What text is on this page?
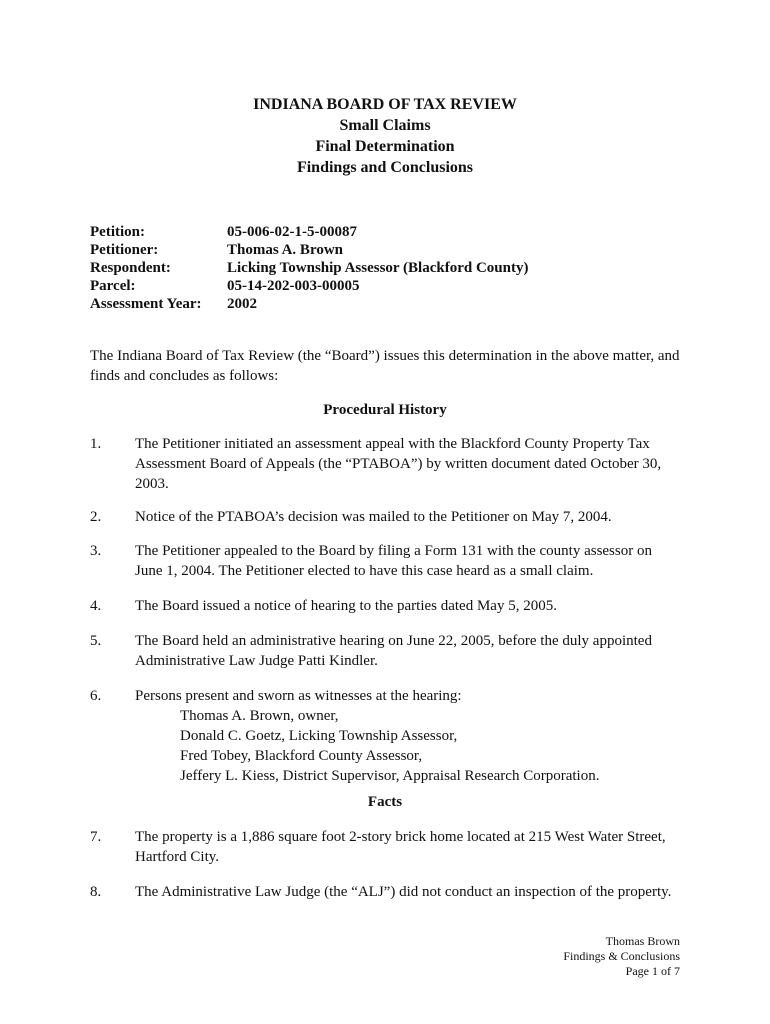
INDIANA BOARD OF TAX REVIEW
Small Claims
Final Determination
Findings and Conclusions
Petition:	05-006-02-1-5-00087
Petitioner:	Thomas A. Brown
Respondent:	Licking Township Assessor (Blackford County)
Parcel:	05-14-202-003-00005
Assessment Year:	2002
The Indiana Board of Tax Review (the “Board”) issues this determination in the above matter, and finds and concludes as follows:
Procedural History
1.	The Petitioner initiated an assessment appeal with the Blackford County Property Tax Assessment Board of Appeals (the “PTABOA”) by written document dated October 30, 2003.
2.	Notice of the PTABOA’s decision was mailed to the Petitioner on May 7, 2004.
3.	The Petitioner appealed to the Board by filing a Form 131 with the county assessor on June 1, 2004. The Petitioner elected to have this case heard as a small claim.
4.	The Board issued a notice of hearing to the parties dated May 5, 2005.
5.	The Board held an administrative hearing on June 22, 2005, before the duly appointed Administrative Law Judge Patti Kindler.
6.	Persons present and sworn as witnesses at the hearing:
Thomas A. Brown, owner,
Donald C. Goetz, Licking Township Assessor,
Fred Tobey, Blackford County Assessor,
Jeffery L. Kiess, District Supervisor, Appraisal Research Corporation.
Facts
7.	The property is a 1,886 square foot 2-story brick home located at 215 West Water Street, Hartford City.
8.	The Administrative Law Judge (the “ALJ”) did not conduct an inspection of the property.
Thomas Brown
Findings & Conclusions
Page 1 of 7
